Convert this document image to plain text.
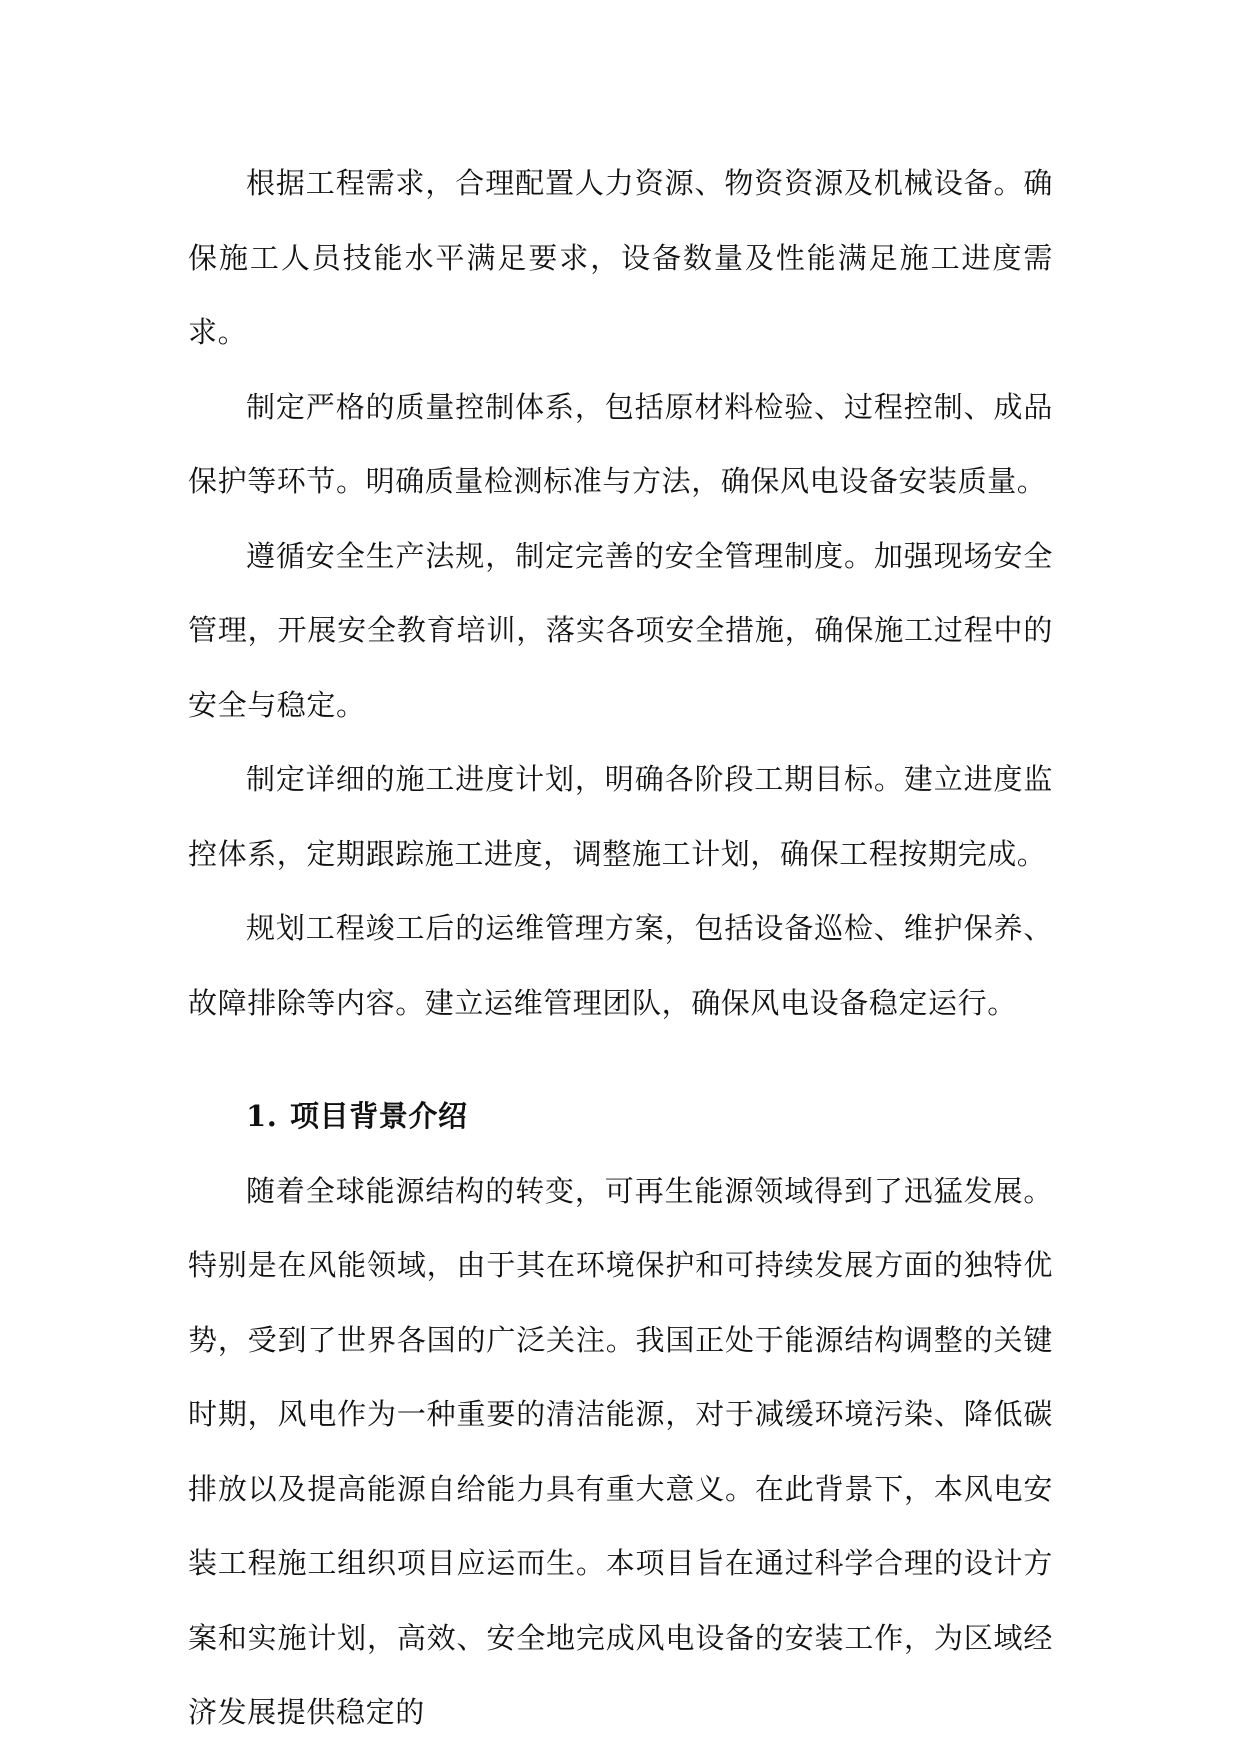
根据工程需求，合理配置人力资源、物资资源及机械设备。确保施工人员技能水平满足要求，设备数量及性能满足施工进度需求。

制定严格的质量控制体系，包括原材料检验、过程控制、成品保护等环节。明确质量检测标准与方法，确保风电设备安装质量。

遵循安全生产法规，制定完善的安全管理制度。加强现场安全管理，开展安全教育培训，落实各项安全措施，确保施工过程中的安全与稳定。

制定详细的施工进度计划，明确各阶段工期目标。建立进度监控体系，定期跟踪施工进度，调整施工计划，确保工程按期完成。

规划工程竣工后的运维管理方案，包括设备巡检、维护保养、故障排除等内容。建立运维管理团队，确保风电设备稳定运行。

1. 项目背景介绍

随着全球能源结构的转变，可再生能源领域得到了迅猛发展。特别是在风能领域，由于其在环境保护和可持续发展方面的独特优势，受到了世界各国的广泛关注。我国正处于能源结构调整的关键时期，风电作为一种重要的清洁能源，对于减缓环境污染、降低碳排放以及提高能源自给能力具有重大意义。在此背景下，本风电安装工程施工组织项目应运而生。本项目旨在通过科学合理的设计方案和实施计划，高效、安全地完成风电设备的安装工作，为区域经济发展提供稳定的
